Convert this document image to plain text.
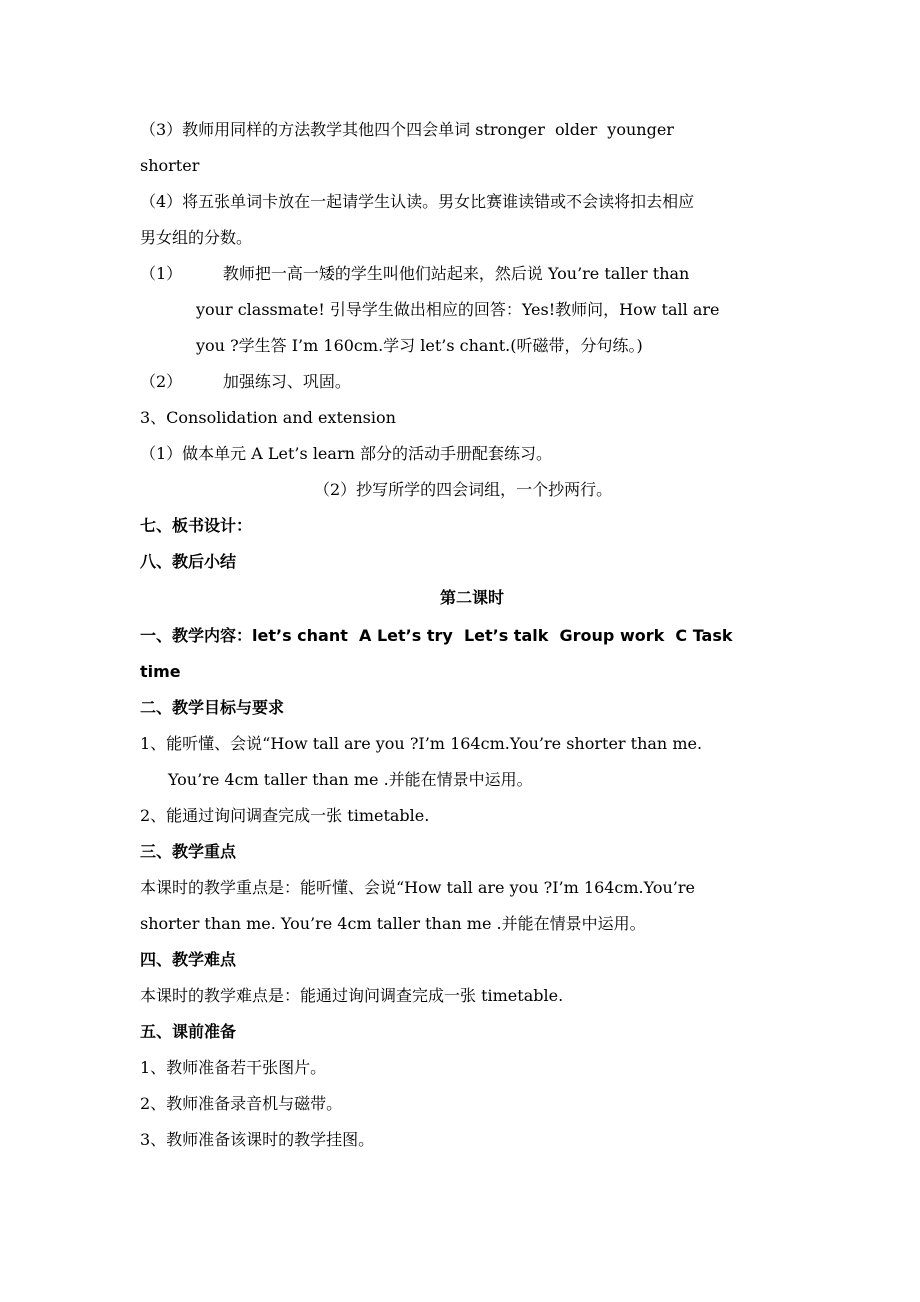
（3）教师用同样的方法教学其他四个四会单词 stronger  older  younger
shorter
（4）将五张单词卡放在一起请学生认读。男女比赛谁读错或不会读将扣去相应
男女组的分数。
（1）        教师把一高一矮的学生叫他们站起来，然后说 You’re taller than
your classmate! 引导学生做出相应的回答：Yes!教师问，How tall are
you ?学生答 I’m 160cm.学习 let’s chant.(听磁带，分句练。)
（2）        加强练习、巩固。
3、Consolidation and extension
（1）做本单元 A Let’s learn 部分的活动手册配套练习。
（2）抄写所学的四会词组，一个抄两行。
七、板书设计：
八、教后小结
第二课时
一、教学内容：let’s chant  A Let’s try  Let’s talk  Group work  C Task
time
二、教学目标与要求
1、能听懂、会说“How tall are you ?I’m 164cm.You’re shorter than me.
You’re 4cm taller than me .并能在情景中运用。
2、能通过询问调查完成一张 timetable.
三、教学重点
本课时的教学重点是：能听懂、会说“How tall are you ?I’m 164cm.You’re
shorter than me. You’re 4cm taller than me .并能在情景中运用。
四、教学难点
本课时的教学难点是：能通过询问调查完成一张 timetable.
五、课前准备
1、教师准备若干张图片。
2、教师准备录音机与磁带。
3、教师准备该课时的教学挂图。
